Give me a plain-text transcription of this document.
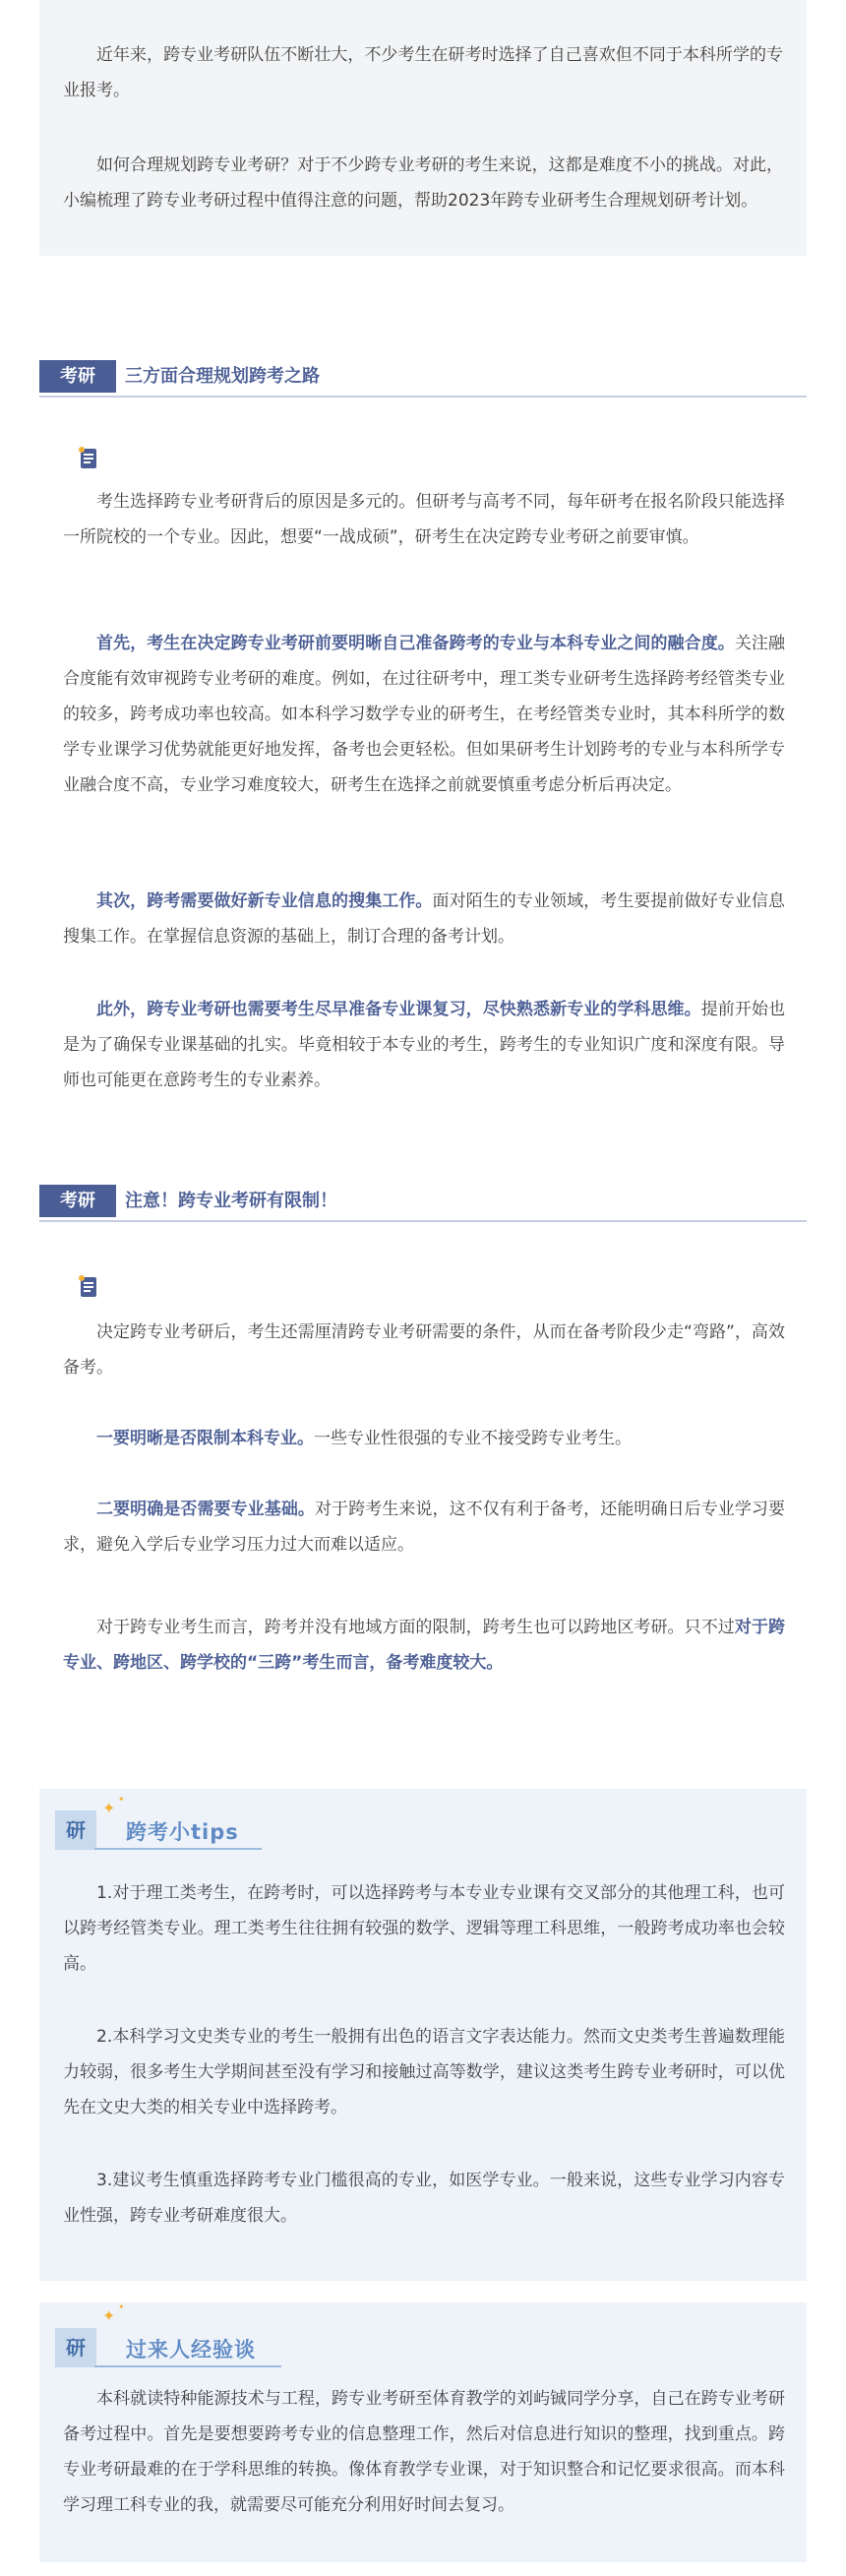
近年来，跨专业考研队伍不断壮大，不少考生在研考时选择了自己喜欢但不同于本科所学的专业报考。

如何合理规划跨专业考研？对于不少跨专业考研的考生来说，这都是难度不小的挑战。对此，小编梳理了跨专业考研过程中值得注意的问题，帮助2023年跨专业研考生合理规划研考计划。

考研	三方面合理规划跨考之路

考生选择跨专业考研背后的原因是多元的。但研考与高考不同，每年研考在报名阶段只能选择一所院校的一个专业。因此，想要“一战成硕”，研考生在决定跨专业考研之前要审慎。

首先，考生在决定跨专业考研前要明晰自己准备跨考的专业与本科专业之间的融合度。关注融合度能有效审视跨专业考研的难度。例如，在过往研考中，理工类专业研考生选择跨考经管类专业的较多，跨考成功率也较高。如本科学习数学专业的研考生，在考经管类专业时，其本科所学的数学专业课学习优势就能更好地发挥，备考也会更轻松。但如果研考生计划跨考的专业与本科所学专业融合度不高，专业学习难度较大，研考生在选择之前就要慎重考虑分析后再决定。

其次，跨考需要做好新专业信息的搜集工作。面对陌生的专业领域，考生要提前做好专业信息搜集工作。在掌握信息资源的基础上，制订合理的备考计划。

此外，跨专业考研也需要考生尽早准备专业课复习，尽快熟悉新专业的学科思维。提前开始也是为了确保专业课基础的扎实。毕竟相较于本专业的考生，跨考生的专业知识广度和深度有限。导师也可能更在意跨考生的专业素养。

考研	注意！跨专业考研有限制！

决定跨专业考研后，考生还需厘清跨专业考研需要的条件，从而在备考阶段少走“弯路”，高效备考。

一要明晰是否限制本科专业。一些专业性很强的专业不接受跨专业考生。

二要明确是否需要专业基础。对于跨考生来说，这不仅有利于备考，还能明确日后专业学习要求，避免入学后专业学习压力过大而难以适应。

对于跨专业考生而言，跨考并没有地域方面的限制，跨考生也可以跨地区考研。只不过对于跨专业、跨地区、跨学校的“三跨”考生而言，备考难度较大。

✦ ✦
研	跨考小tips

1.对于理工类考生，在跨考时，可以选择跨考与本专业专业课有交叉部分的其他理工科，也可以跨考经管类专业。理工类考生往往拥有较强的数学、逻辑等理工科思维，一般跨考成功率也会较高。

2.本科学习文史类专业的考生一般拥有出色的语言文字表达能力。然而文史类考生普遍数理能力较弱，很多考生大学期间甚至没有学习和接触过高等数学，建议这类考生跨专业考研时，可以优先在文史大类的相关专业中选择跨考。

3.建议考生慎重选择跨考专业门槛很高的专业，如医学专业。一般来说，这些专业学习内容专业性强，跨专业考研难度很大。

✦ ✦
研	过来人经验谈

本科就读特种能源技术与工程，跨专业考研至体育教学的刘屿铖同学分享，自己在跨专业考研备考过程中。首先是要想要跨考专业的信息整理工作，然后对信息进行知识的整理，找到重点。跨专业考研最难的在于学科思维的转换。像体育教学专业课，对于知识整合和记忆要求很高。而本科学习理工科专业的我，就需要尽可能充分利用好时间去复习。
